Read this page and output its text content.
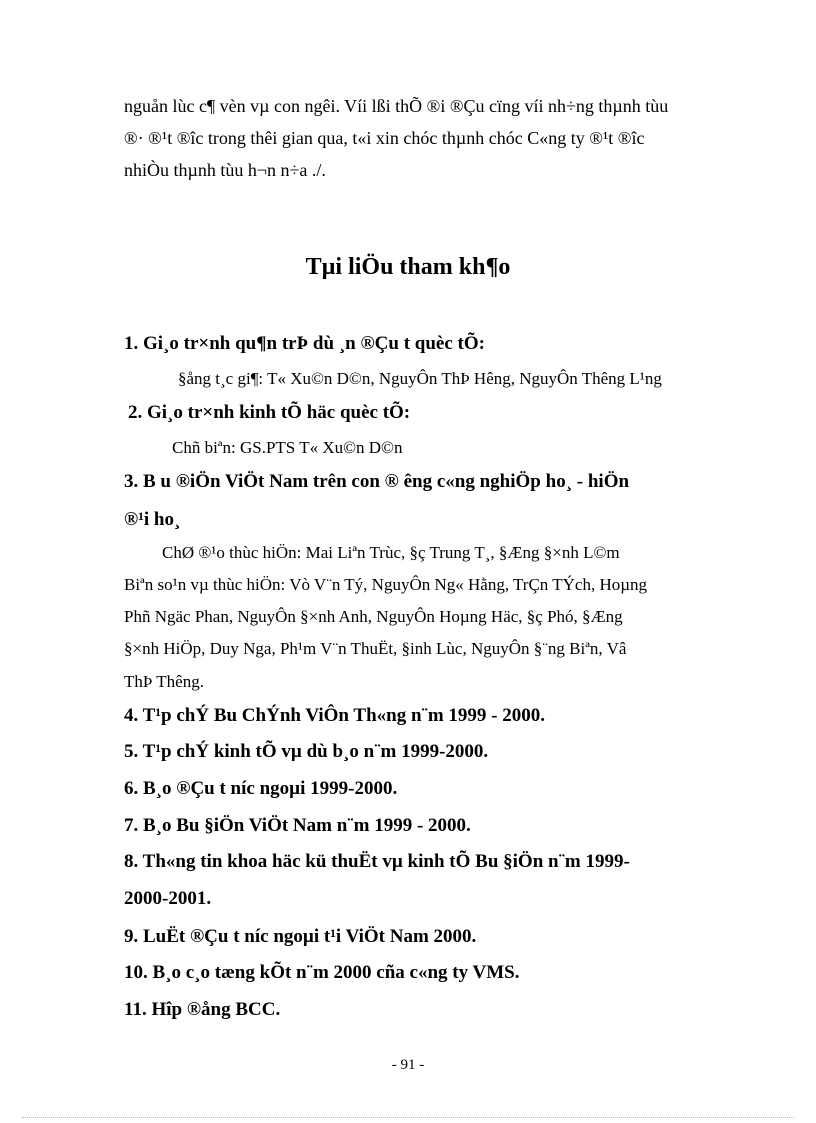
nguån lùc c¶ vèn vµ con ngêi. Víi lßi thÕ ®i ®Çu cïng víi nh÷ng thµnh tùu
®· ®¹t ®îc trong thêi gian qua, t«i xin chóc thµnh chóc C«ng ty ®¹t ®îc
nhiÒu thµnh tùu h¬n n÷a ./.
Tµi liÖu tham kh¶o
1. Gi¸o tr×nh qu¶n trÞ dù ¸n ®Çu t quèc tÕ:
§ång t¸c gi¶: T« Xu©n D©n, NguyÔn ThÞ Hêng, NguyÔn Thêng L¹ng
2. Gi¸o tr×nh kinh tÕ häc quèc tÕ:
Chñ biªn: GS.PTS T« Xu©n D©n
3. B u ®iÖn ViÖt Nam trên con ® êng c«ng nghiÖp ho¸ - hiÖn
®¹i ho¸
ChØ ®¹o thùc hiÖn: Mai Liªn Trùc, §ç Trung T¸, §Æng §×nh L©m
Biªn so¹n vµ thùc hiÖn: Vò V¨n Tý, NguyÔn Ng« Hằng, TrÇn TÝch, Hoµng
Phñ Ngäc Phan, NguyÔn §×nh Anh, NguyÔn Hoµng Häc, §ç Phó, §Æng
§×nh HiÖp, Duy Nga, Ph¹m V¨n ThuËt, §inh Lùc, NguyÔn §¨ng Biªn, Vâ
ThÞ Thêng.
4. T¹p chÝ Bu ChÝnh ViÔn Th«ng n¨m 1999 - 2000.
5. T¹p chÝ kinh tÕ vµ dù b¸o n¨m 1999-2000.
6. B¸o ®Çu t níc ngoµi 1999-2000.
7. B¸o Bu §iÖn ViÖt Nam n¨m 1999 - 2000.
8. Th«ng tin khoa häc kü thuËt vµ kinh tÕ Bu §iÖn n¨m 1999-
2000-2001.
9. LuËt ®Çu t níc ngoµi t¹i ViÖt Nam 2000.
10. B¸o c¸o tæng kÕt n¨m 2000 cña c«ng ty VMS.
11. Hîp ®ång BCC.
- 91 -
